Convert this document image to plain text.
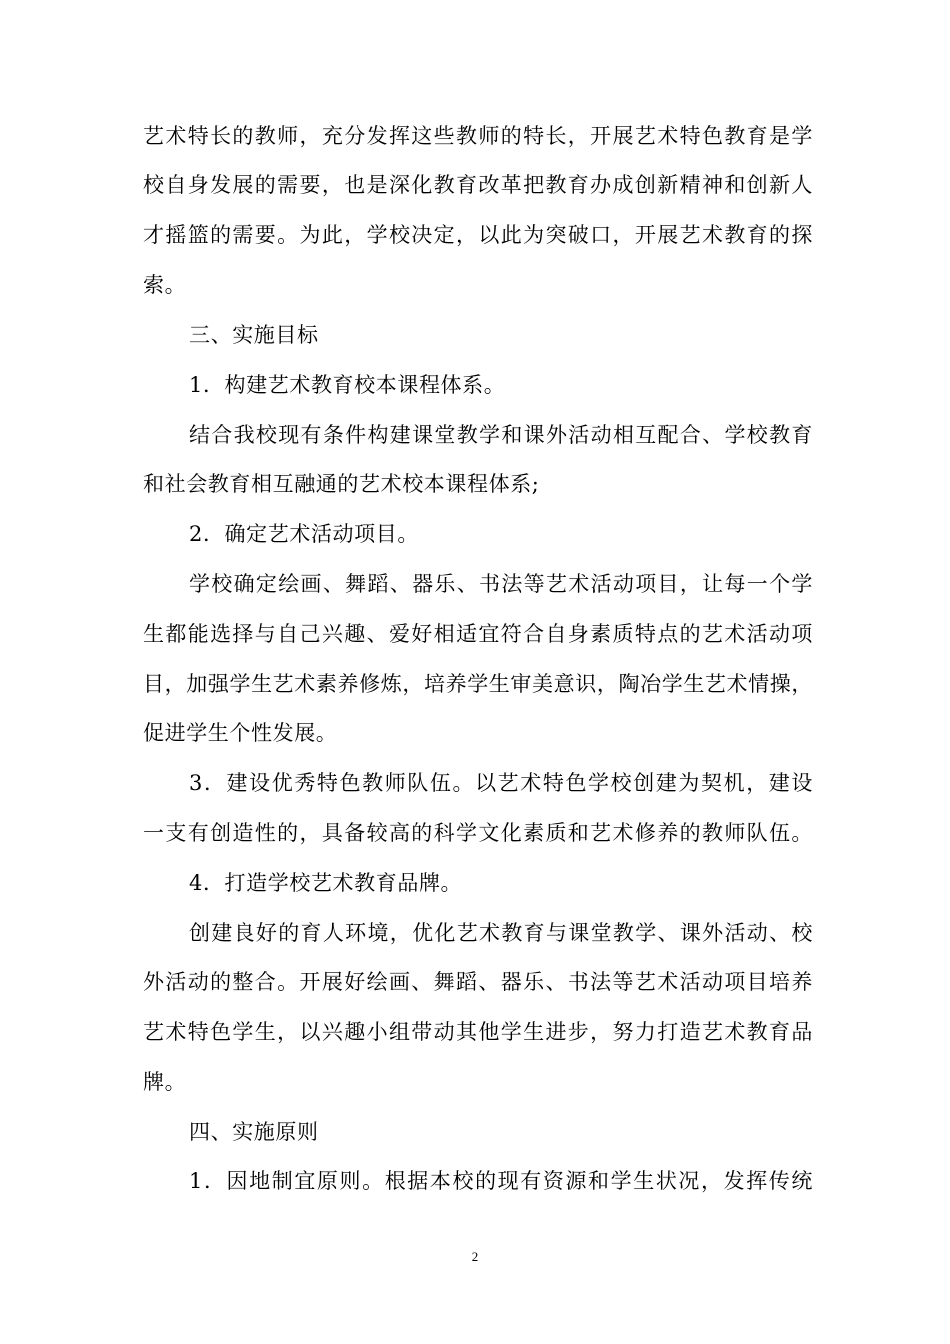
艺术特长的教师，充分发挥这些教师的特长，开展艺术特色教育是学
校自身发展的需要，也是深化教育改革把教育办成创新精神和创新人
才摇篮的需要。为此，学校决定，以此为突破口，开展艺术教育的探
索。
三、实施目标
1．构建艺术教育校本课程体系。
结合我校现有条件构建课堂教学和课外活动相互配合、学校教育
和社会教育相互融通的艺术校本课程体系;
2．确定艺术活动项目。
学校确定绘画、舞蹈、器乐、书法等艺术活动项目，让每一个学
生都能选择与自己兴趣、爱好相适宜符合自身素质特点的艺术活动项
目，加强学生艺术素养修炼，培养学生审美意识，陶冶学生艺术情操，
促进学生个性发展。
3．建设优秀特色教师队伍。以艺术特色学校创建为契机，建设
一支有创造性的，具备较高的科学文化素质和艺术修养的教师队伍。
4．打造学校艺术教育品牌。
创建良好的育人环境，优化艺术教育与课堂教学、课外活动、校
外活动的整合。开展好绘画、舞蹈、器乐、书法等艺术活动项目培养
艺术特色学生，以兴趣小组带动其他学生进步，努力打造艺术教育品
牌。
四、实施原则
1．因地制宜原则。根据本校的现有资源和学生状况，发挥传统
2
